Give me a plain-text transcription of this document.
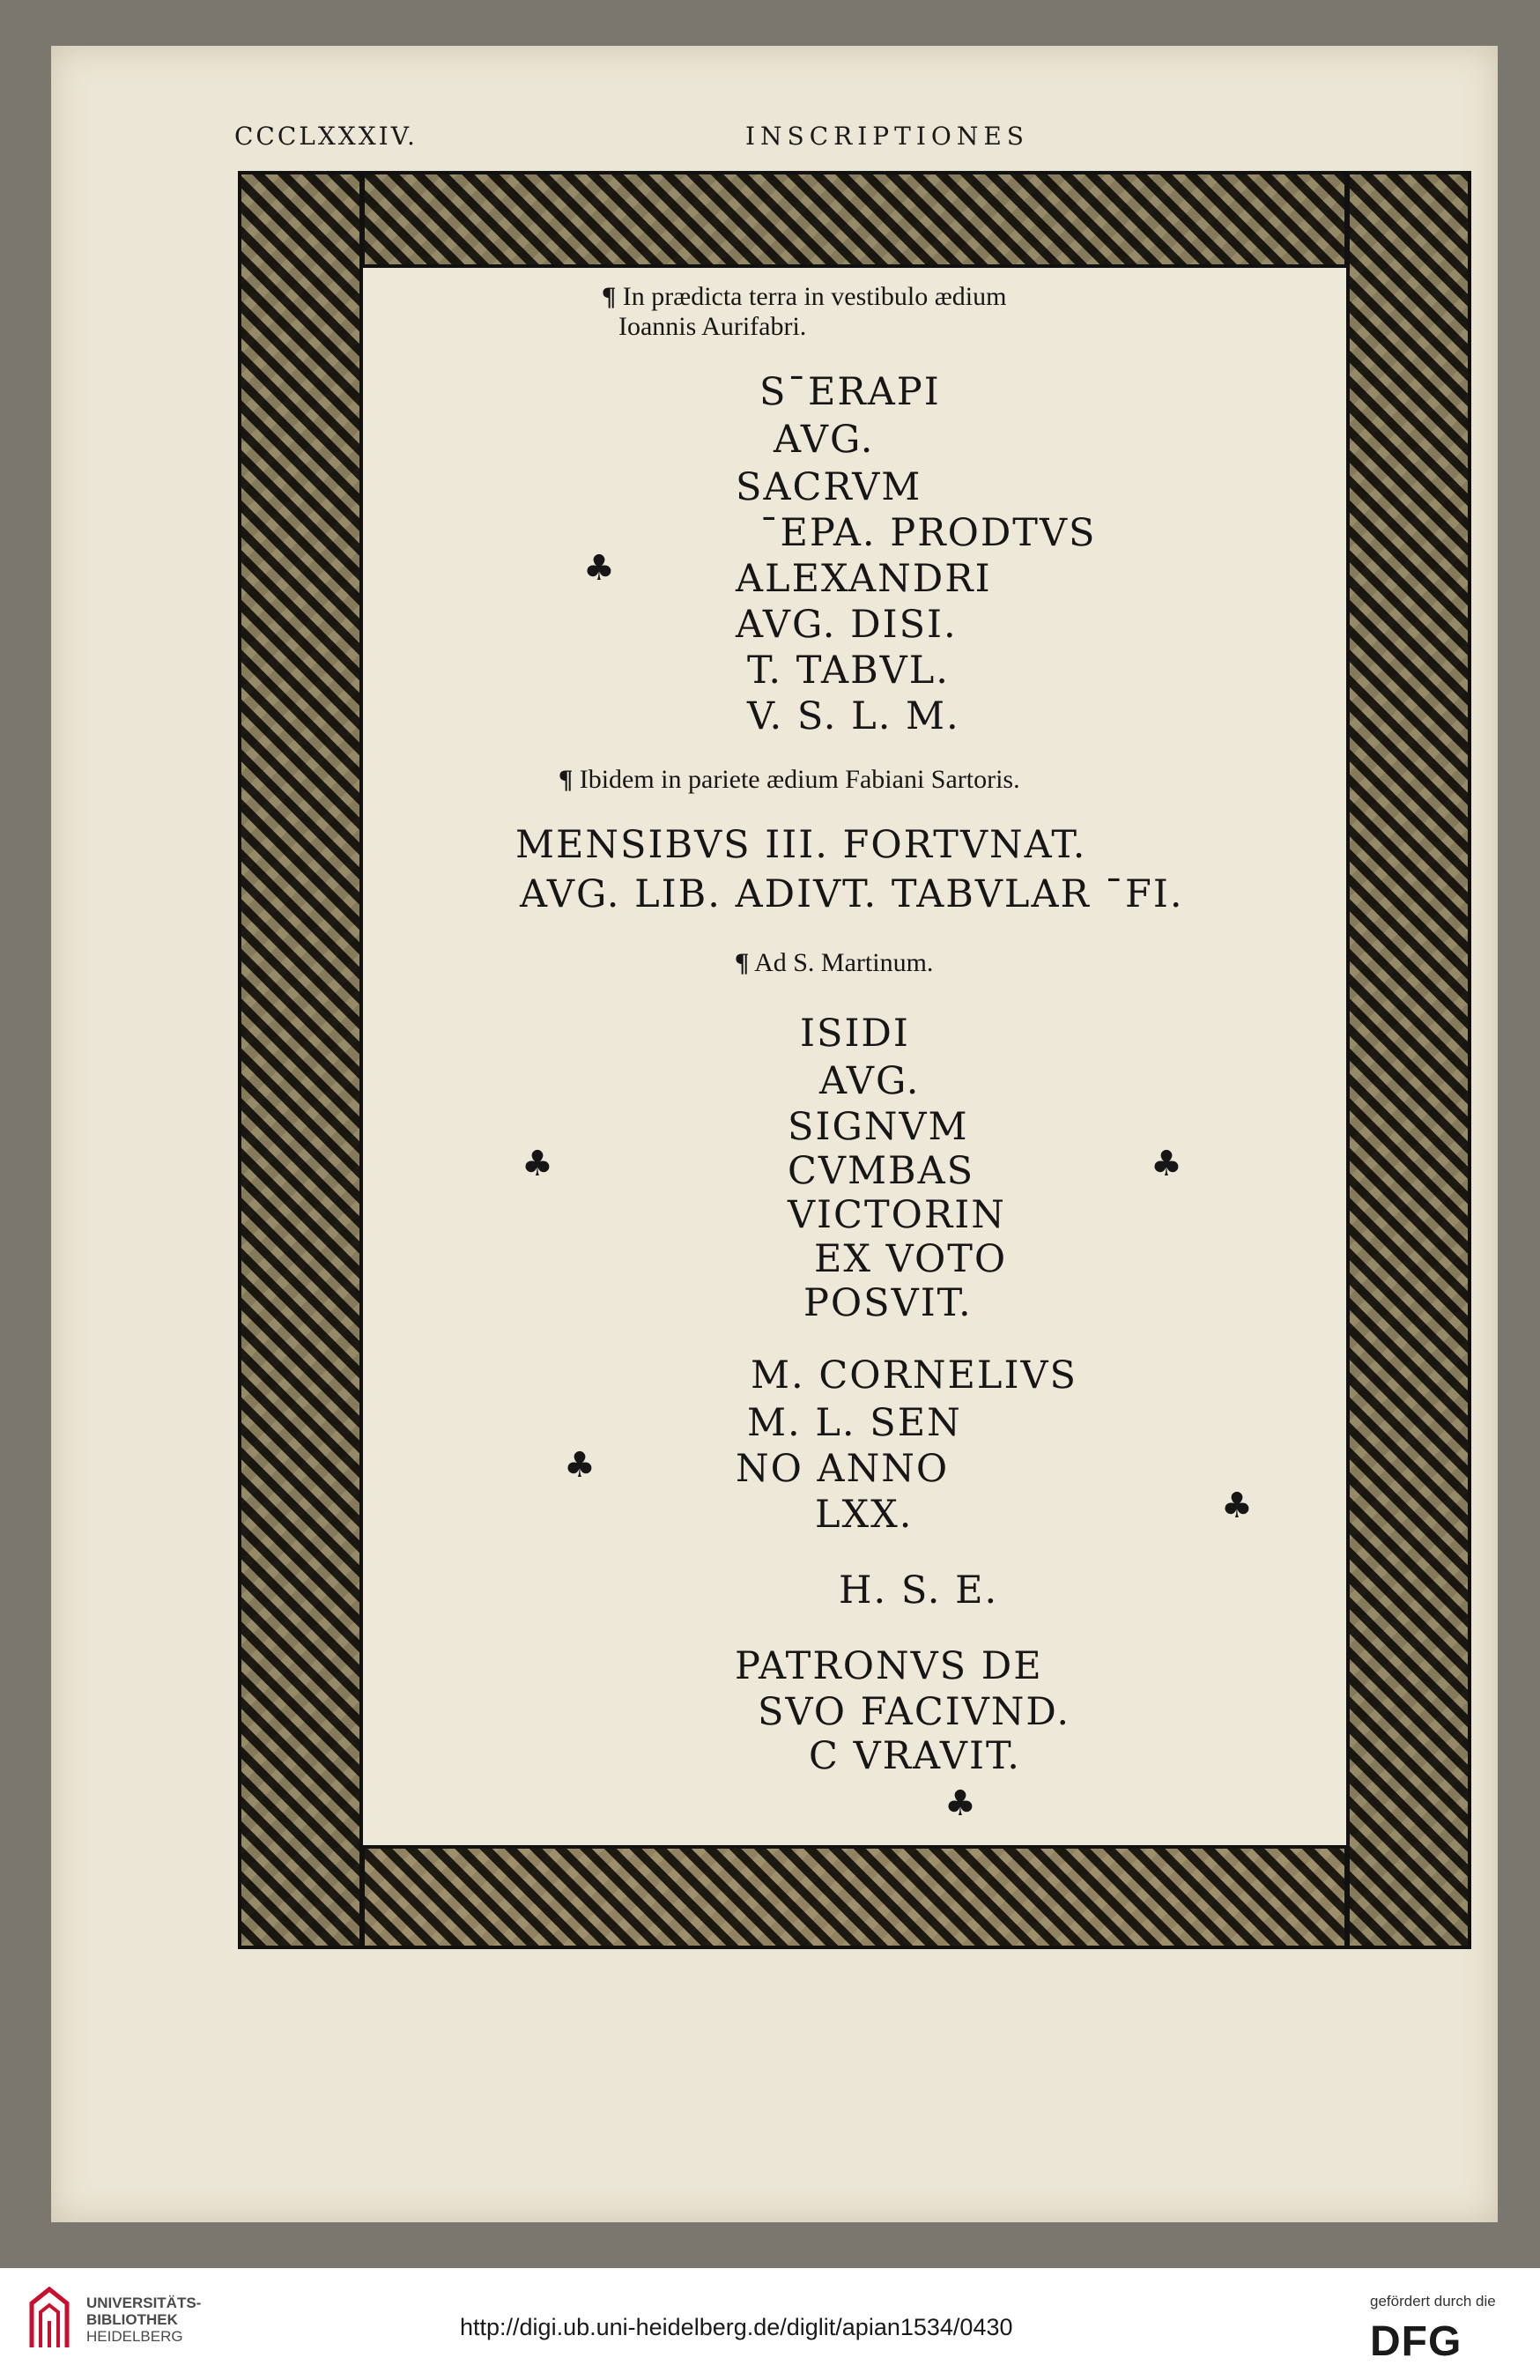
CCCLXXXIV.	INSCRIPTIONES
¶ In prædicta terra in vestibulo ædium
Ioannis Aurifabri.
S¯ERAPI
AVG.
SACRVM
¯EPA. PRODTVS
ALEXANDRI
AVG. DISI.
T. TABVL.
V. S. L. M.
♣
¶ Ibidem in pariete ædium Fabiani Sartoris.
MENSIBVS III. FORTVNAT.
AVG. LIB. ADIVT. TABVLAR ¯FI.
¶ Ad S. Martinum.
ISIDI
AVG.
SIGNVM
CVMBAS
VICTORIN
EX VOTO
POSVIT.
♣	♣
M. CORNELIVS
M. L. SEN
NO ANNO
LXX.
♣
♣
H. S. E.
PATRONVS DE
SVO FACIVND.
C VRAVIT.
♣
UNIVERSITÄTS-
BIBLIOTHEK
HEIDELBERG	http://digi.ub.uni-heidelberg.de/diglit/apian1534/0430
gefördert durch die
DFG
